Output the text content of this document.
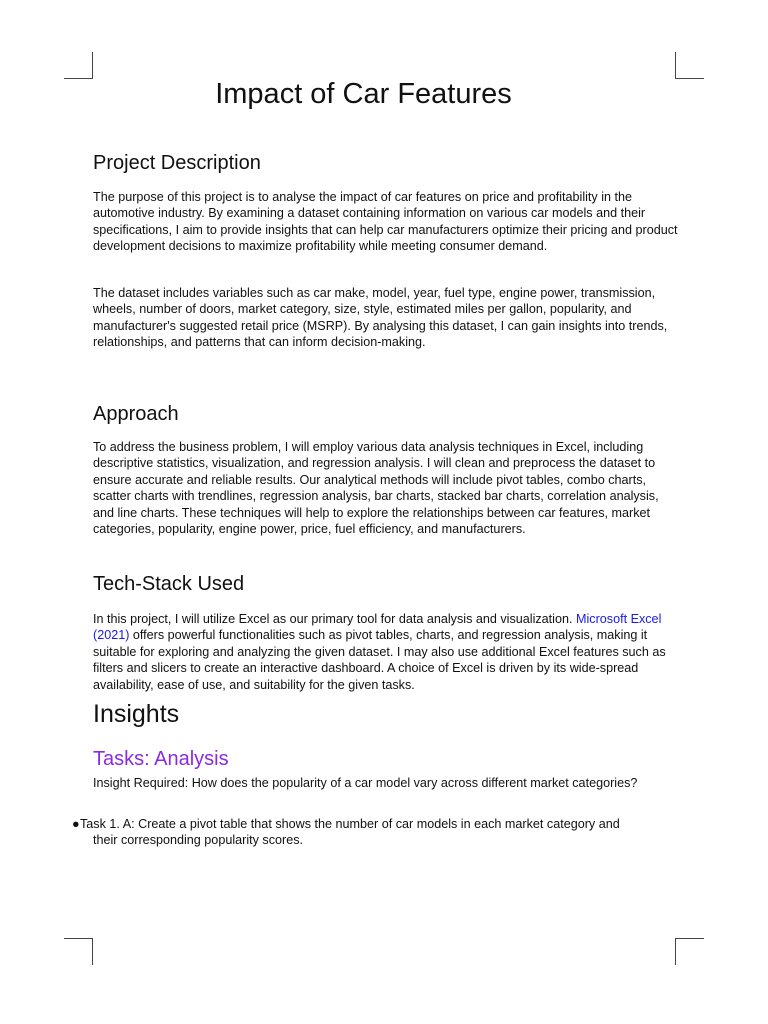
Impact of Car Features
Project Description

The purpose of this project is to analyse the impact of car features on price and profitability in the automotive industry. By examining a dataset containing information on various car models and their specifications, I aim to provide insights that can help car manufacturers optimize their pricing and product development decisions to maximize profitability while meeting consumer demand.

The dataset includes variables such as car make, model, year, fuel type, engine power, transmission, wheels, number of doors, market category, size, style, estimated miles per gallon, popularity, and manufacturer's suggested retail price (MSRP). By analysing this dataset, I can gain insights into trends, relationships, and patterns that can inform decision-making.

Approach

To address the business problem, I will employ various data analysis techniques in Excel, including descriptive statistics, visualization, and regression analysis. I will clean and preprocess the dataset to ensure accurate and reliable results. Our analytical methods will include pivot tables, combo charts, scatter charts with trendlines, regression analysis, bar charts, stacked bar charts, correlation analysis, and line charts. These techniques will help to explore the relationships between car features, market categories, popularity, engine power, price, fuel efficiency, and manufacturers.

Tech-Stack Used

In this project, I will utilize Excel as our primary tool for data analysis and visualization. Microsoft Excel (2021) offers powerful functionalities such as pivot tables, charts, and regression analysis, making it suitable for exploring and analyzing the given dataset. I may also use additional Excel features such as filters and slicers to create an interactive dashboard. A choice of Excel is driven by its wide-spread availability, ease of use, and suitability for the given tasks.

Insights
Tasks: Analysis

Insight Required: How does the popularity of a car model vary across different market categories?

● Task 1. A: Create a pivot table that shows the number of car models in each market category and
their corresponding popularity scores.
